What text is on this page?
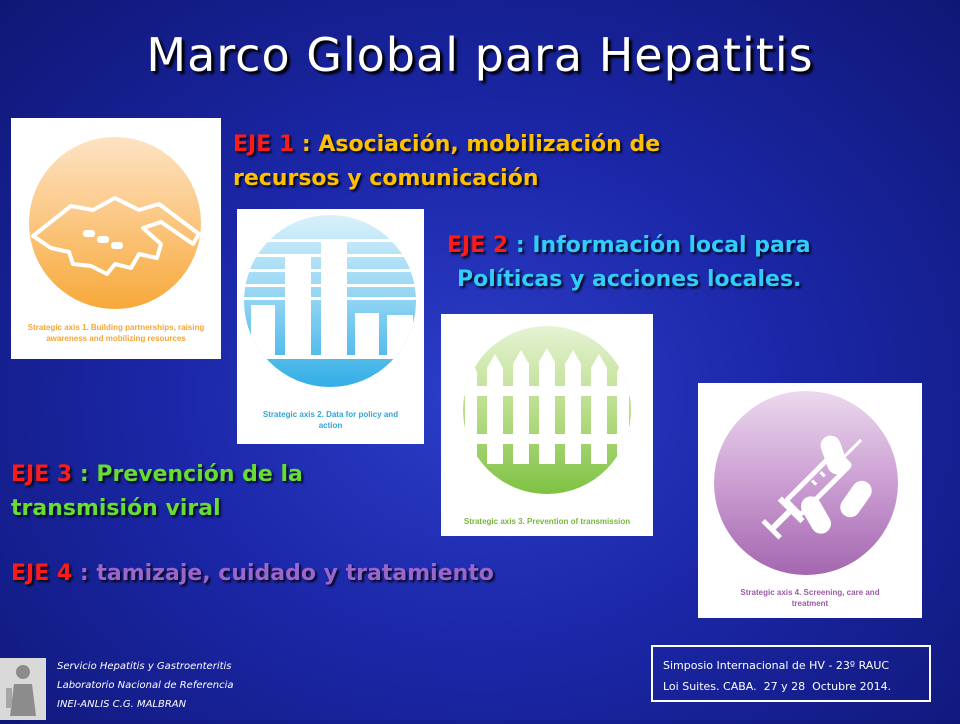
Marco Global para Hepatitis
Strategic axis 1. Building partnerships, raising
awareness and mobilizing resources
EJE 1 : Asociación, mobilización de
recursos y comunicación
Strategic axis 2. Data for policy and
action
EJE 2 : Información local para
Políticas y acciones locales.
Strategic axis 3. Prevention of transmission
EJE 3 : Prevención de la
transmisión viral
EJE 4 : tamizaje, cuidado y tratamiento
Strategic axis 4. Screening, care and
treatment
Servicio Hepatitis y Gastroenteritis
Laboratorio Nacional de Referencia
INEI-ANLIS C.G. MALBRAN
Simposio Internacional de HV - 23º RAUC
Loi Suites. CABA.  27 y 28  Octubre 2014.
